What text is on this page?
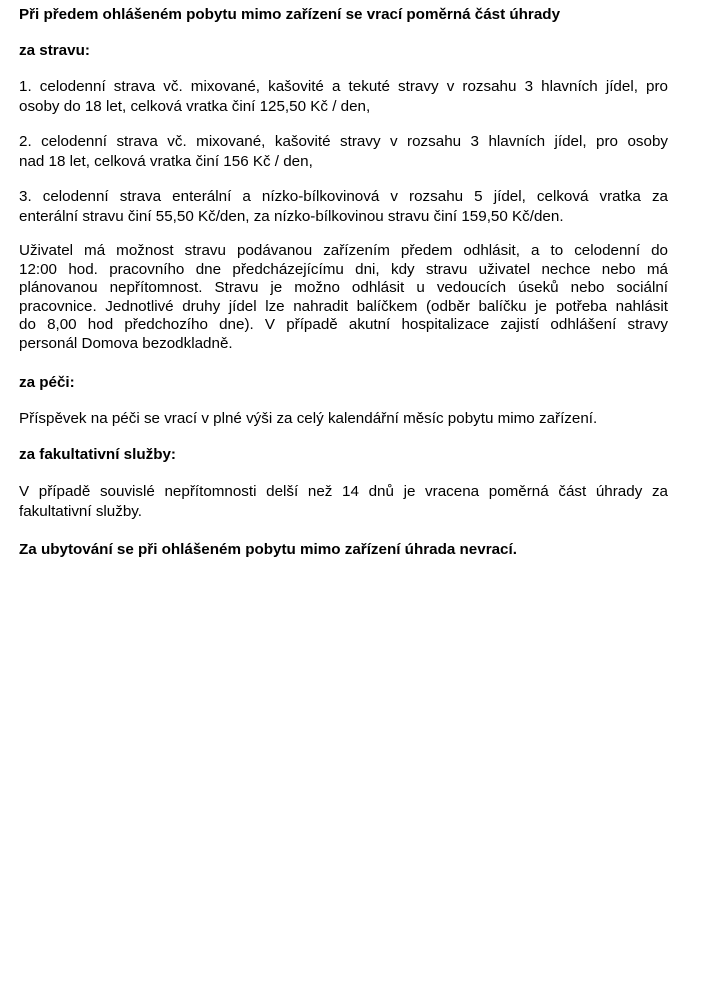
Při předem ohlášeném pobytu mimo zařízení se vrací poměrná část úhrady
za stravu:
1. celodenní strava vč. mixované, kašovité a tekuté stravy v rozsahu 3 hlavních jídel, pro
osoby do 18 let, celková vratka činí 125,50 Kč / den,
2. celodenní strava vč. mixované, kašovité stravy v rozsahu 3 hlavních jídel, pro osoby
nad 18 let, celková vratka činí 156 Kč / den,
3. celodenní strava enterální a nízko-bílkovinová v rozsahu 5 jídel, celková vratka za
enterální stravu činí 55,50 Kč/den, za nízko-bílkovinou stravu činí 159,50 Kč/den.
Uživatel má možnost stravu podávanou zařízením předem odhlásit, a to celodenní do
12:00 hod. pracovního dne předcházejícímu dni, kdy stravu uživatel nechce nebo má
plánovanou nepřítomnost. Stravu je možno odhlásit u vedoucích úseků nebo sociální
pracovnice. Jednotlivé druhy jídel lze nahradit balíčkem (odběr balíčku je potřeba nahlásit
do 8,00 hod předchozího dne). V případě akutní hospitalizace zajistí odhlášení stravy
personál Domova bezodkladně.
za péči:
Příspěvek na péči se vrací v plné výši za celý kalendářní měsíc pobytu mimo zařízení.
za fakultativní služby:
V případě souvislé nepřítomnosti delší než 14 dnů je vracena poměrná část úhrady za
fakultativní služby.
Za ubytování se při ohlášeném pobytu mimo zařízení úhrada nevrací.
